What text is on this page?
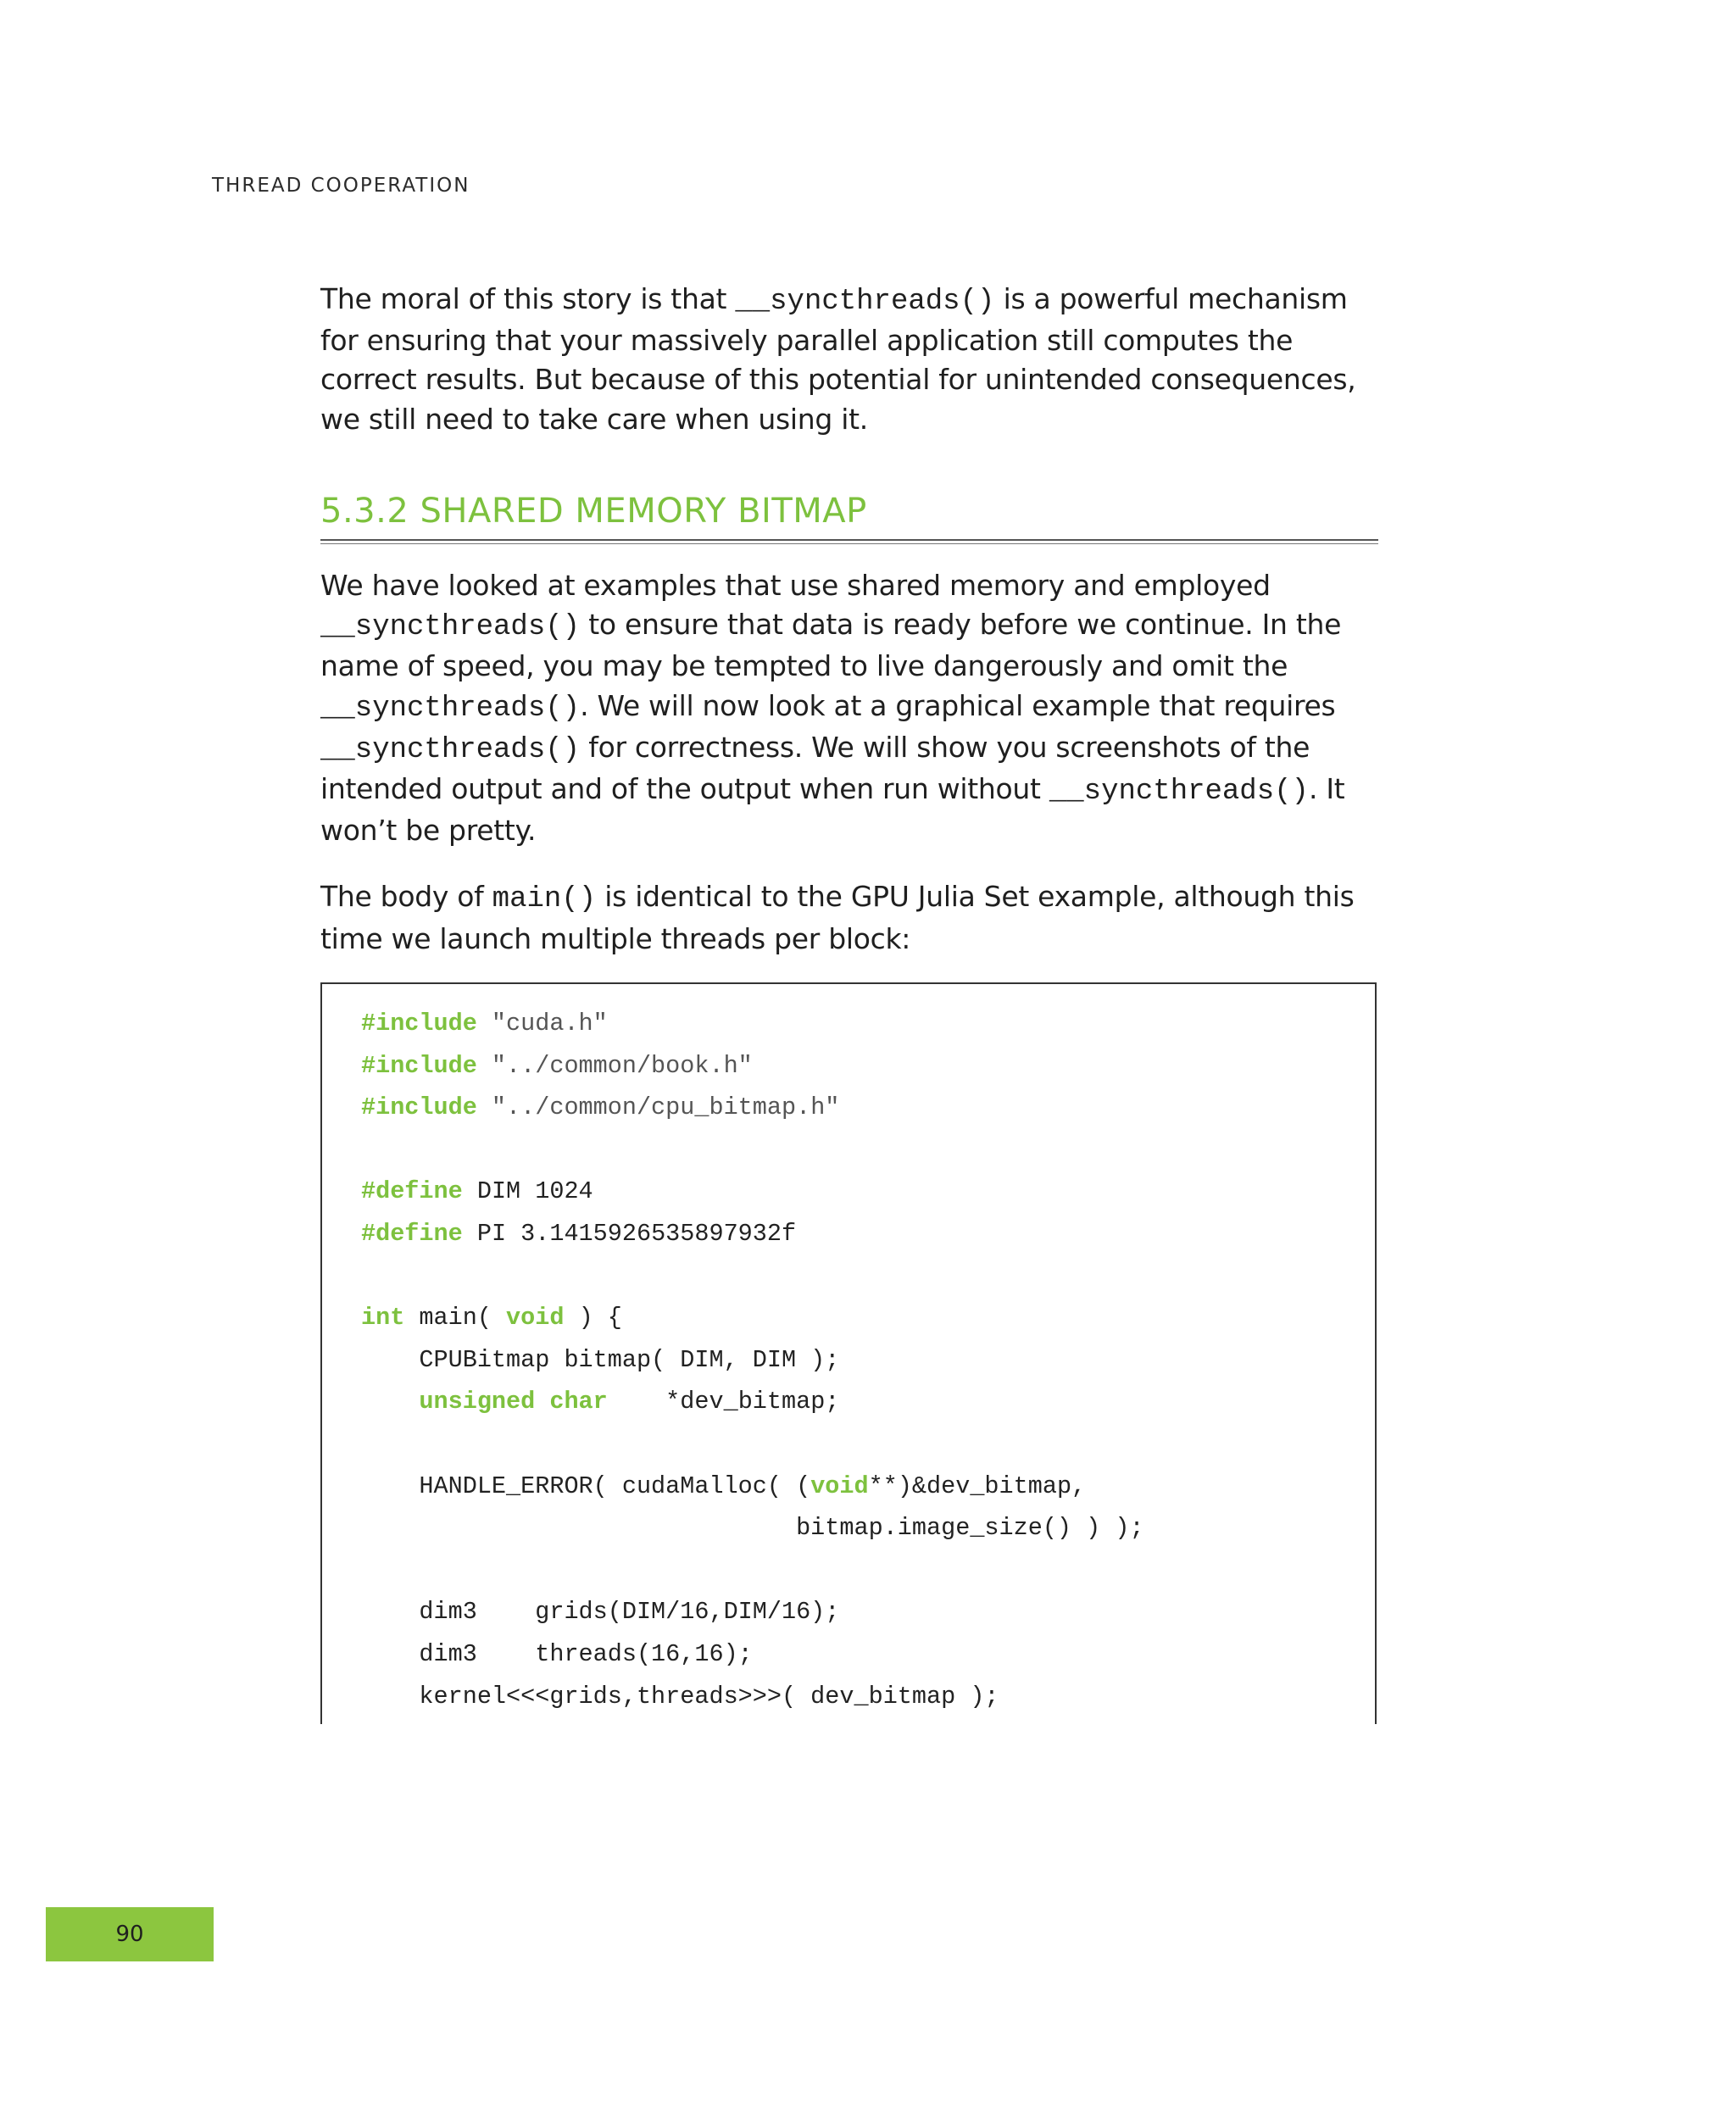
THREAD COOPERATION

The moral of this story is that __syncthreads() is a powerful mechanism for ensuring that your massively parallel application still computes the correct results. But because of this potential for unintended consequences, we still need to take care when using it.

5.3.2 SHARED MEMORY BITMAP

We have looked at examples that use shared memory and employed __syncthreads() to ensure that data is ready before we continue. In the name of speed, you may be tempted to live dangerously and omit the __syncthreads(). We will now look at a graphical example that requires __syncthreads() for correctness. We will show you screenshots of the intended output and of the output when run without __syncthreads(). It won’t be pretty.

The body of main() is identical to the GPU Julia Set example, although this time we launch multiple threads per block:

#include "cuda.h"
#include "../common/book.h"
#include "../common/cpu_bitmap.h"

#define DIM 1024
#define PI 3.1415926535897932f

int main( void ) {
CPUBitmap bitmap( DIM, DIM );
unsigned char    *dev_bitmap;

HANDLE_ERROR( cudaMalloc( (void**)&dev_bitmap,
bitmap.image_size() ) );

dim3    grids(DIM/16,DIM/16);
dim3    threads(16,16);
kernel<<<grids,threads>>>( dev_bitmap );
90
